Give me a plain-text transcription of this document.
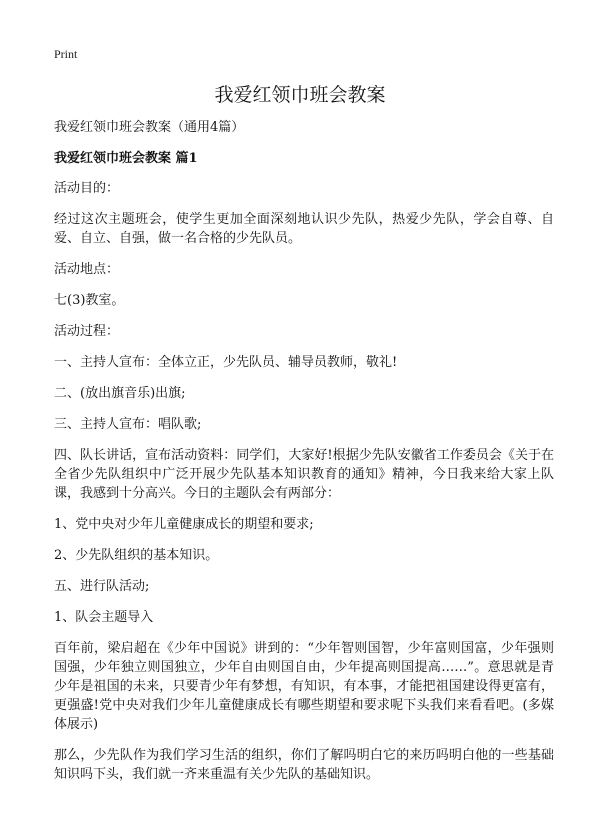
Print
我爱红领巾班会教案

我爱红领巾班会教案（通用4篇）

我爱红领巾班会教案 篇1

活动目的：

经过这次主题班会，使学生更加全面深刻地认识少先队，热爱少先队，学会自尊、自爱、自立、自强，做一名合格的少先队员。

活动地点：

七(3)教室。

活动过程：

一、主持人宣布：全体立正，少先队员、辅导员教师，敬礼!

二、(放出旗音乐)出旗;

三、主持人宣布：唱队歌;

四、队长讲话，宣布活动资料：同学们，大家好!根据少先队安徽省工作委员会《关于在全省少先队组织中广泛开展少先队基本知识教育的通知》精神，今日我来给大家上队课，我感到十分高兴。今日的主题队会有两部分：

1、党中央对少年儿童健康成长的期望和要求;

2、少先队组织的基本知识。

五、进行队活动;

1、队会主题导入

百年前，梁启超在《少年中国说》讲到的：“少年智则国智，少年富则国富，少年强则国强，少年独立则国独立，少年自由则国自由，少年提高则国提高……”。意思就是青少年是祖国的未来，只要青少年有梦想，有知识，有本事，才能把祖国建设得更富有，更强盛!党中央对我们少年儿童健康成长有哪些期望和要求呢下头我们来看看吧。(多媒体展示)

那么，少先队作为我们学习生活的组织，你们了解吗明白它的来历吗明白他的一些基础知识吗下头，我们就一齐来重温有关少先队的基础知识。
